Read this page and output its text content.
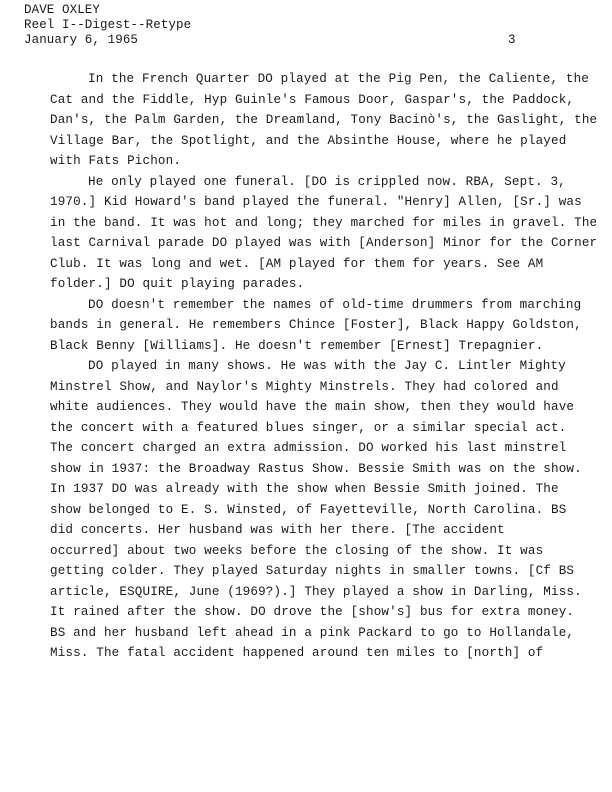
DAVE OXLEY
Reel I--Digest--Retype
January 6, 1965	3
In the French Quarter DO played at the Pig Pen, the Caliente, the
Cat and the Fiddle, Hyp Guinle's Famous Door, Gaspar's, the Paddock,
Dan's, the Palm Garden, the Dreamland, Tony Bacinò's, the Gaslight, the
Village Bar, the Spotlight, and the Absinthe House, where he played
with Fats Pichon.
He only played one funeral. [DO is crippled now. RBA, Sept. 3,
1970.] Kid Howard's band played the funeral. "Henry] Allen, [Sr.] was
in the band. It was hot and long; they marched for miles in gravel. The
last Carnival parade DO played was with [Anderson] Minor for the Corner
Club. It was long and wet. [AM played for them for years. See AM
folder.] DO quit playing parades.
DO doesn't remember the names of old-time drummers from marching
bands in general. He remembers Chince [Foster], Black Happy Goldston,
Black Benny [Williams]. He doesn't remember [Ernest] Trepagnier.
DO played in many shows. He was with the Jay C. Lintler Mighty
Minstrel Show, and Naylor's Mighty Minstrels. They had colored and
white audiences. They would have the main show, then they would have
the concert with a featured blues singer, or a similar special act.
The concert charged an extra admission. DO worked his last minstrel
show in 1937: the Broadway Rastus Show. Bessie Smith was on the show.
In 1937 DO was already with the show when Bessie Smith joined. The
show belonged to E. S. Winsted, of Fayetteville, North Carolina. BS
did concerts. Her husband was with her there. [The accident
occurred] about two weeks before the closing of the show. It was
getting colder. They played Saturday nights in smaller towns. [Cf BS
article, ESQUIRE, June (1969?).] They played a show in Darling, Miss.
It rained after the show. DO drove the [show's] bus for extra money.
BS and her husband left ahead in a pink Packard to go to Hollandale,
Miss. The fatal accident happened around ten miles to [north] of
